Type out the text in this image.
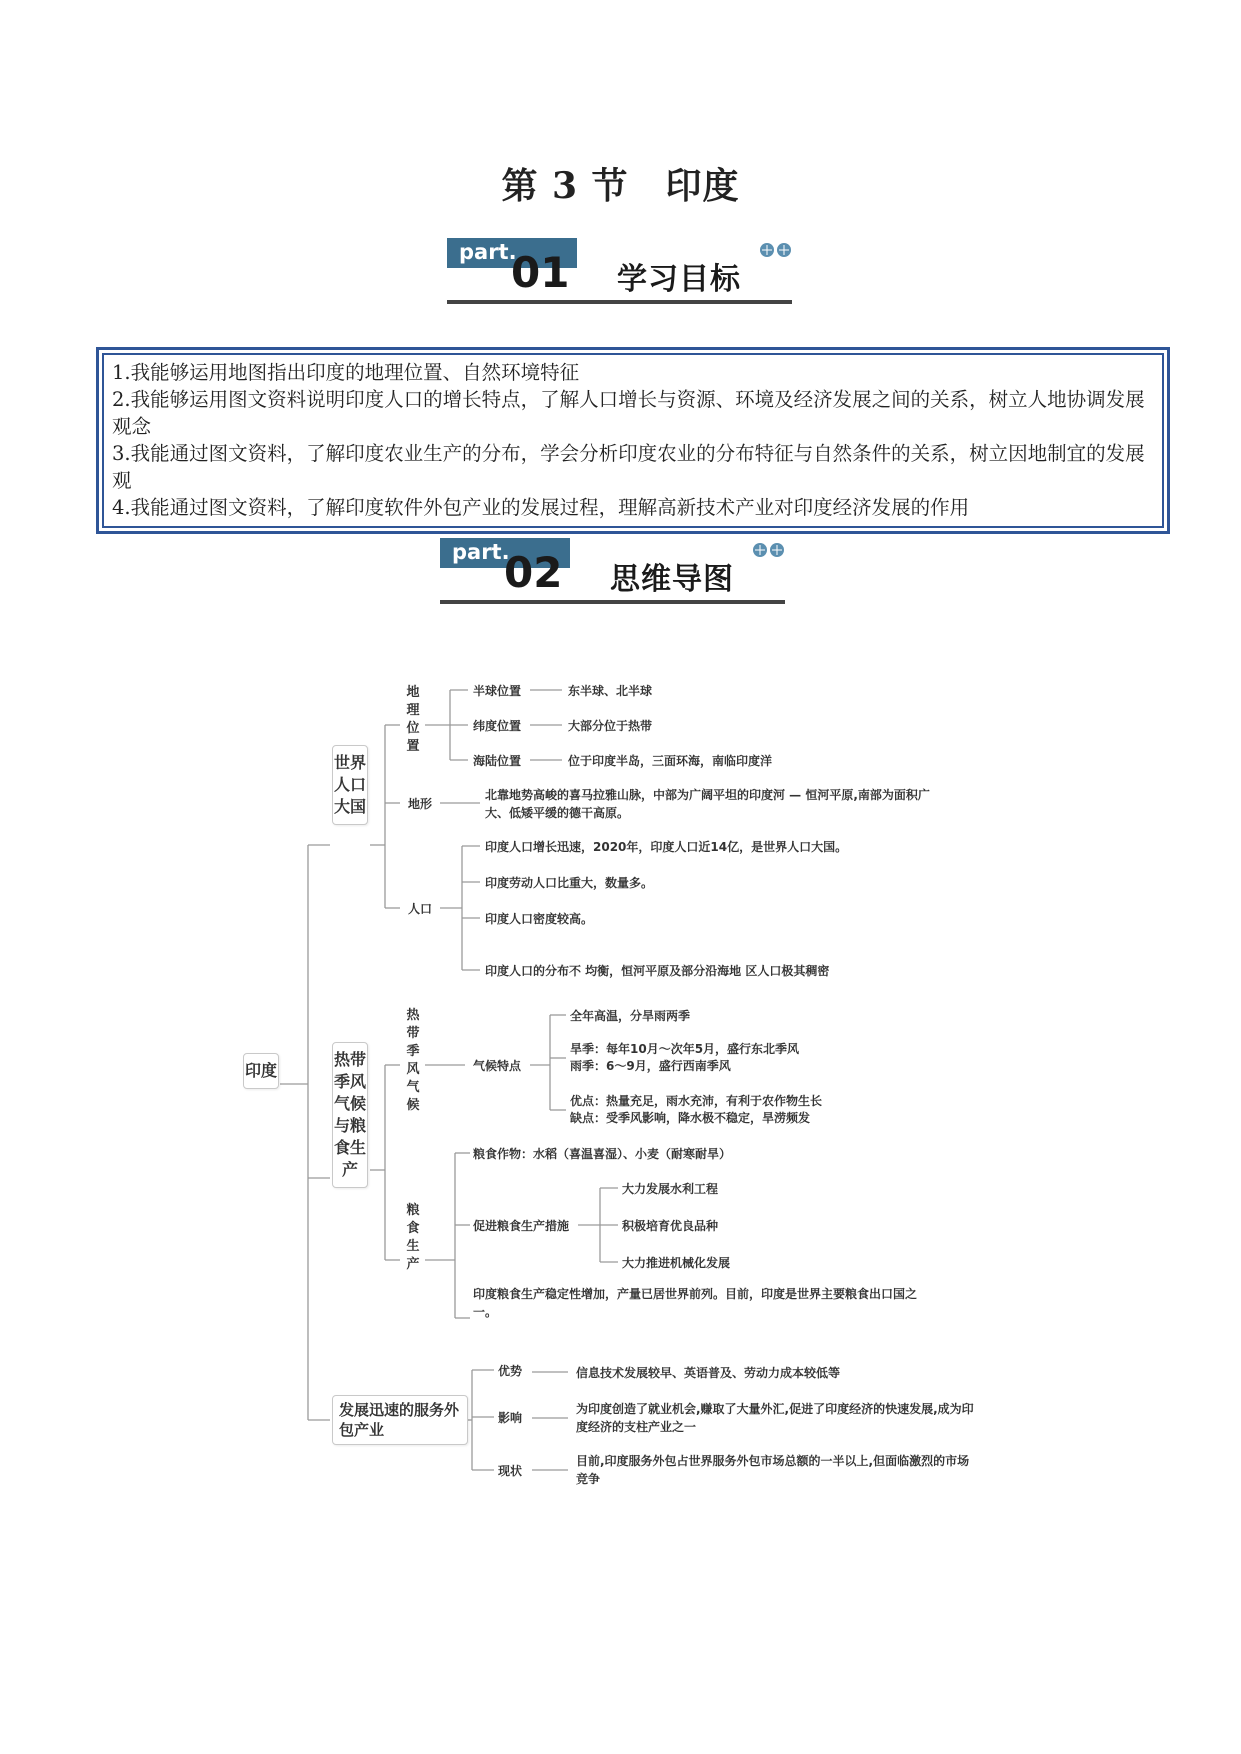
第 3 节　印度
part.
01 学习目标

1.我能够运用地图指出印度的地理位置、自然环境特征

2.我能够运用图文资料说明印度人口的增长特点，了解人口增长与资源、环境及经济发展之间的关系，树立人地协调发展观念

3.我能通过图文资料，了解印度农业生产的分布，学会分析印度农业的分布特征与自然条件的关系，树立因地制宜的发展观

4.我能通过图文资料，了解印度软件外包产业的发展过程，理解高新技术产业对印度经济发展的作用

part.
02 思维导图
印度
世界人口大国
地理位置
半球位置	东半球、北半球
纬度位置	大部分位于热带
海陆位置	位于印度半岛，三面环海，南临印度洋
地形
北靠地势高峻的喜马拉雅山脉，中部为广阔平坦的印度河 — 恒河平原,南部为面积广大、低矮平缓的德干高原。
人口
印度人口增长迅速，2020年，印度人口近14亿，是世界人口大国。
印度劳动人口比重大，数量多。
印度人口密度较高。
印度人口的分布不 均衡，恒河平原及部分沿海地 区人口极其稠密
热带季风气候与粮食生产
热带季风气候
气候特点
全年高温，分旱雨两季
旱季：每年10月～次年5月，盛行东北季风
雨季：6～9月，盛行西南季风
优点：热量充足，雨水充沛，有利于农作物生长
缺点：受季风影响，降水极不稳定，旱涝频发
粮食生产
粮食作物：水稻（喜温喜湿）、小麦（耐寒耐旱）
促进粮食生产措施
大力发展水利工程
积极培育优良品种
大力推进机械化发展
印度粮食生产稳定性增加，产量已居世界前列。目前，印度是世界主要粮食出口国之一。
发展迅速的服务外包产业
优势	信息技术发展较早、英语普及、劳动力成本较低等
影响
为印度创造了就业机会,赚取了大量外汇,促进了印度经济的快速发展,成为印度经济的支柱产业之一
现状
目前,印度服务外包占世界服务外包市场总额的一半以上,但面临激烈的市场竞争
